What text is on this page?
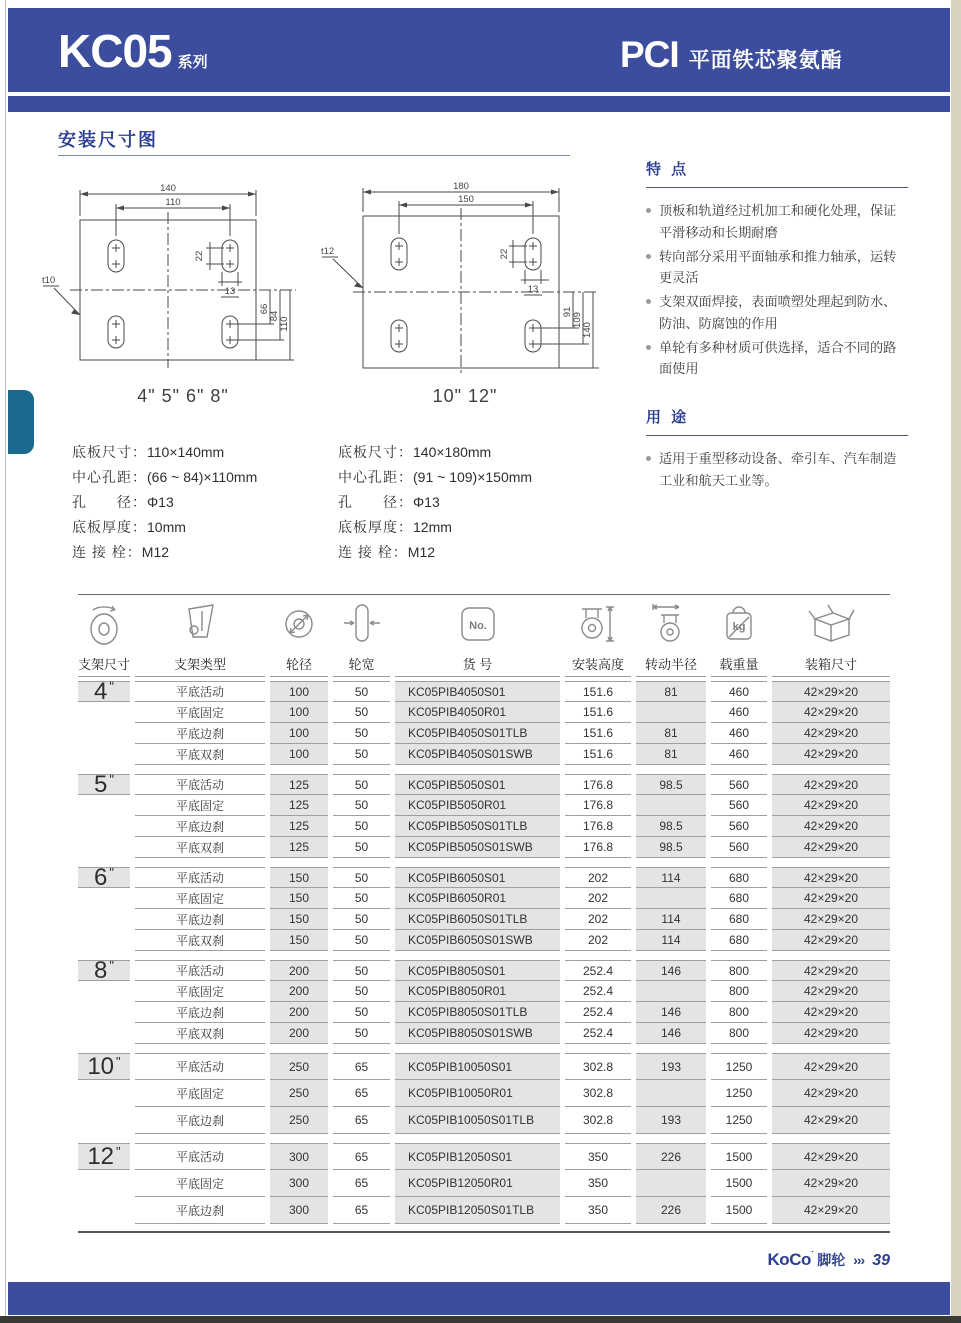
KC05 系列	PCI 平面铁芯聚氨酯
安装尺寸图
140
110
22
13
66
84
110
t10
180
150
22
13
91
109
140
t12
4" 5" 6" 8"	10" 12"
底板尺寸：110×140mm
中心孔距：(66 ~ 84)×110mm
孔　　径：Φ13
底板厚度：10mm
连 接 栓：M12
底板尺寸：140×180mm
中心孔距：(91 ~ 109)×150mm
孔　　径：Φ13
底板厚度：12mm
连 接 栓：M12
特 点
顶板和轨道经过机加工和硬化处理，保证平滑移动和长期耐磨
转向部分采用平面轴承和推力轴承，运转更灵活
支架双面焊接，表面喷塑处理起到防水、防油、防腐蚀的作用
单轮有多种材质可供选择，适合不同的路面使用
用 途
适用于重型移动设备、牵引车、汽车制造工业和航天工业等。
No.	kg
支架尺寸	支架类型	轮径	轮宽	货 号	安装高度	转动半径	载重量	装箱尺寸
4 "	平底活动	100	50	KC05PIB4050S01	151.6	81	460	42×29×20
平底固定	100	50	KC05PIB4050R01	151.6	460	42×29×20
平底边刹	100	50	KC05PIB4050S01TLB	151.6	81	460	42×29×20
平底双刹	100	50	KC05PIB4050S01SWB	151.6	81	460	42×29×20
5 "	平底活动	125	50	KC05PIB5050S01	176.8	98.5	560	42×29×20
平底固定	125	50	KC05PIB5050R01	176.8	560	42×29×20
平底边刹	125	50	KC05PIB5050S01TLB	176.8	98.5	560	42×29×20
平底双刹	125	50	KC05PIB5050S01SWB	176.8	98.5	560	42×29×20
6 "	平底活动	150	50	KC05PIB6050S01	202	114	680	42×29×20
平底固定	150	50	KC05PIB6050R01	202	680	42×29×20
平底边刹	150	50	KC05PIB6050S01TLB	202	114	680	42×29×20
平底双刹	150	50	KC05PIB6050S01SWB	202	114	680	42×29×20
8 "	平底活动	200	50	KC05PIB8050S01	252.4	146	800	42×29×20
平底固定	200	50	KC05PIB8050R01	252.4	800	42×29×20
平底边刹	200	50	KC05PIB8050S01TLB	252.4	146	800	42×29×20
平底双刹	200	50	KC05PIB8050S01SWB	252.4	146	800	42×29×20
10 "	平底活动	250	65	KC05PIB10050S01	302.8	193	1250	42×29×20
平底固定	250	65	KC05PIB10050R01	302.8	1250	42×29×20
平底边刹	250	65	KC05PIB10050S01TLB	302.8	193	1250	42×29×20
12 "	平底活动	300	65	KC05PIB12050S01	350	226	1500	42×29×20
平底固定	300	65	KC05PIB12050R01	350	1500	42×29×20
平底边刹	300	65	KC05PIB12050S01TLB	350	226	1500	42×29×20
KoCo˙ 脚轮 ››› 39
